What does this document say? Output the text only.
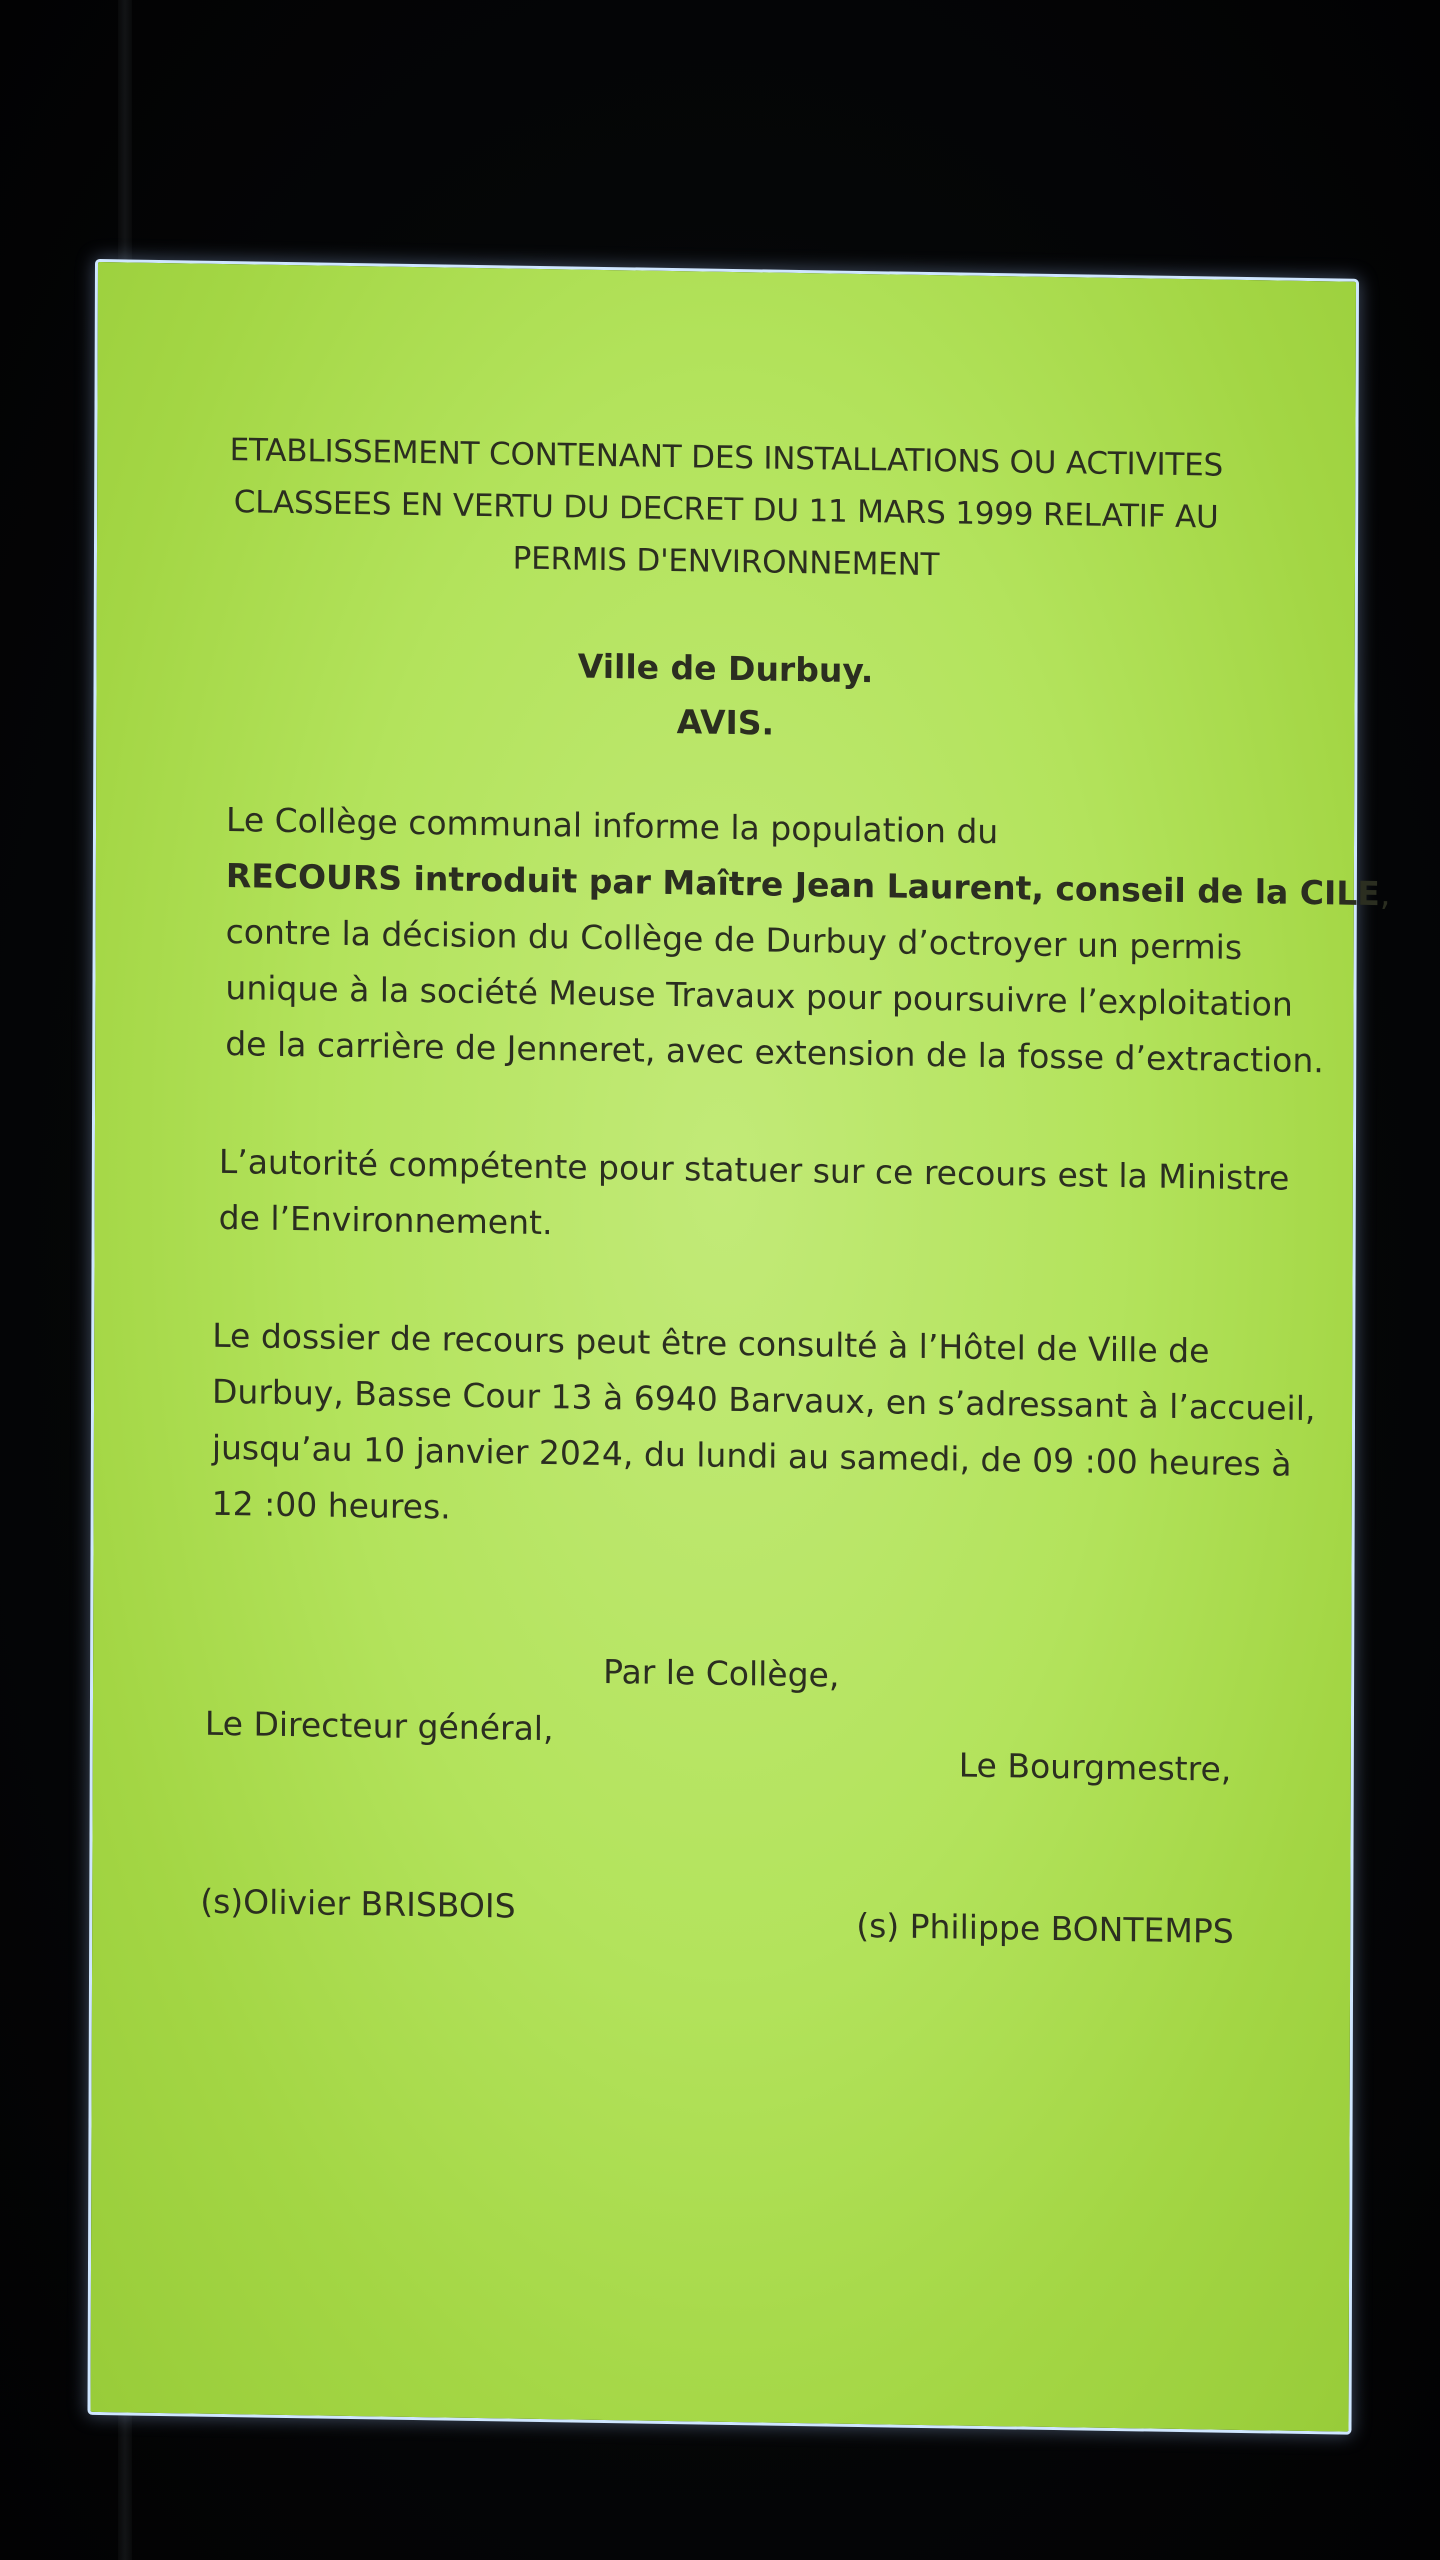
ETABLISSEMENT CONTENANT DES INSTALLATIONS OU ACTIVITES
CLASSEES EN VERTU DU DECRET DU 11 MARS 1999 RELATIF AU
PERMIS D'ENVIRONNEMENT
Ville de Durbuy.
AVIS.
Le Collège communal informe la population du
RECOURS introduit par Maître Jean Laurent, conseil de la CILE,
contre la décision du Collège de Durbuy d’octroyer un permis
unique à la société Meuse Travaux pour poursuivre l’exploitation
de la carrière de Jenneret, avec extension de la fosse d’extraction.
L’autorité compétente pour statuer sur ce recours est la Ministre
de l’Environnement.
Le dossier de recours peut être consulté à l’Hôtel de Ville de
Durbuy, Basse Cour 13 à 6940 Barvaux, en s’adressant à l’accueil,
jusqu’au 10 janvier 2024, du lundi au samedi, de 09 :00 heures à
12 :00 heures.
Par le Collège,
Le Directeur général,
Le Bourgmestre,
(s)Olivier BRISBOIS
(s) Philippe BONTEMPS
